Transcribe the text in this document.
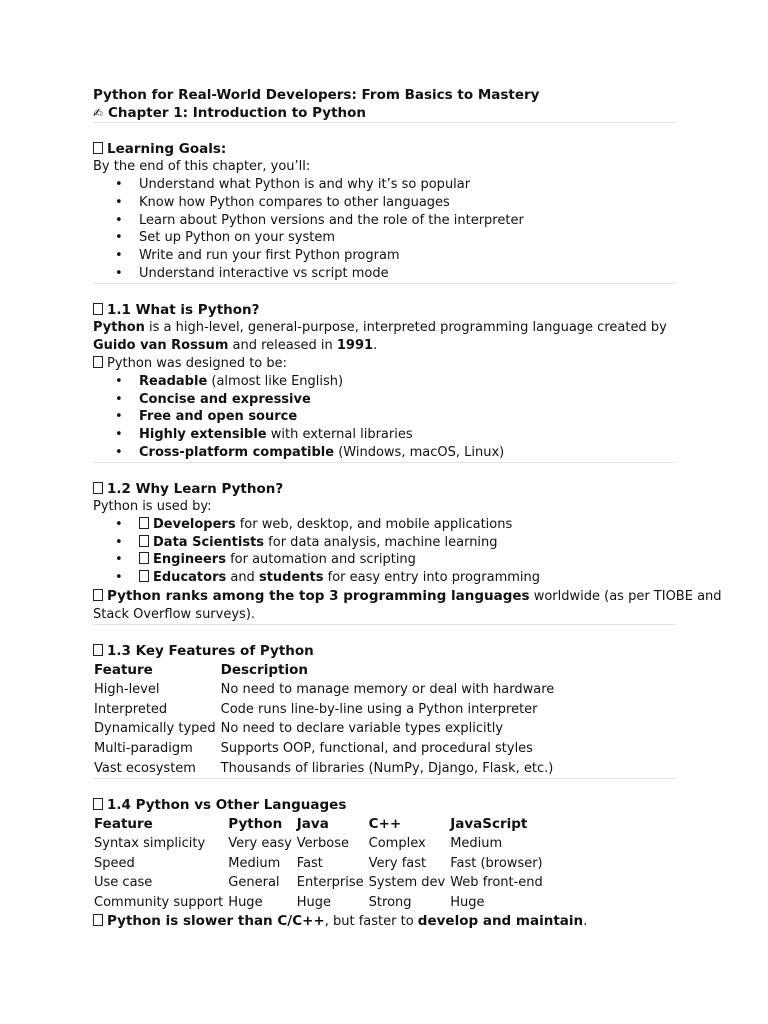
Python for Real-World Developers: From Basics to Mastery
✍ Chapter 1: Introduction to Python
Learning Goals:
By the end of this chapter, you’ll:
• Understand what Python is and why it’s so popular
• Know how Python compares to other languages
• Learn about Python versions and the role of the interpreter
• Set up Python on your system
• Write and run your first Python program
• Understand interactive vs script mode
1.1 What is Python?
Python is a high-level, general-purpose, interpreted programming language created by
Guido van Rossum and released in 1991.
Python was designed to be:
• Readable (almost like English)
• Concise and expressive
• Free and open source
• Highly extensible with external libraries
• Cross-platform compatible (Windows, macOS, Linux)
1.2 Why Learn Python?
Python is used by:
• Developers for web, desktop, and mobile applications
• Data Scientists for data analysis, machine learning
• Engineers for automation and scripting
• Educators and students for easy entry into programming
Python ranks among the top 3 programming languages worldwide (as per TIOBE and
Stack Overflow surveys).
1.3 Key Features of Python
Feature	Description
High-level	No need to manage memory or deal with hardware
Interpreted	Code runs line-by-line using a Python interpreter
Dynamically typed	No need to declare variable types explicitly
Multi-paradigm	Supports OOP, functional, and procedural styles
Vast ecosystem	Thousands of libraries (NumPy, Django, Flask, etc.)
1.4 Python vs Other Languages
Feature	Python	Java	C++	JavaScript
Syntax simplicity	Very easy	Verbose	Complex	Medium
Speed	Medium	Fast	Very fast	Fast (browser)
Use case	General	Enterprise	System dev	Web front-end
Community support	Huge	Huge	Strong	Huge
Python is slower than C/C++, but faster to develop and maintain.
